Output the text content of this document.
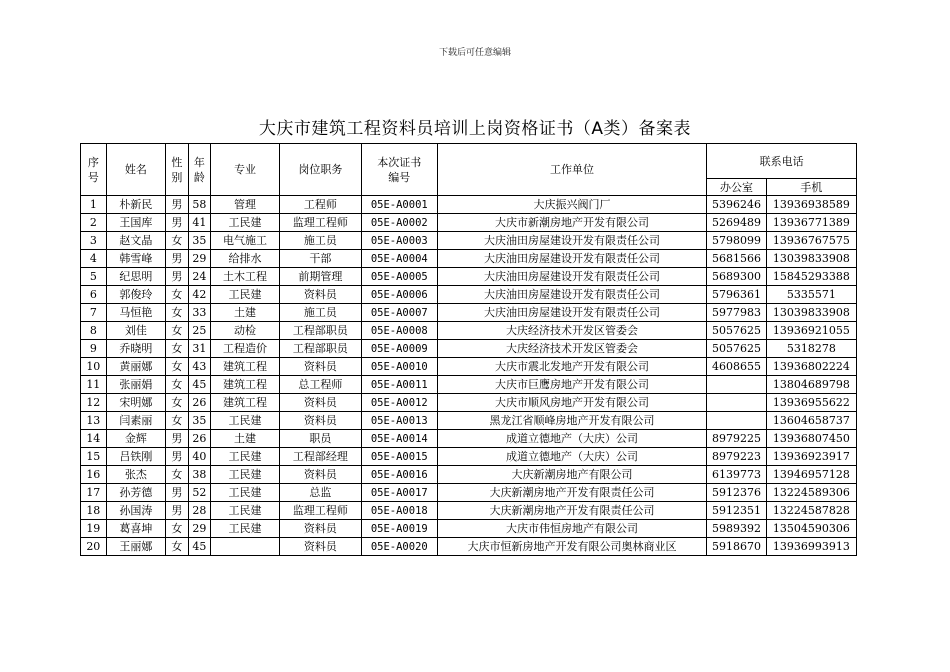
下载后可任意编辑
大庆市建筑工程资料员培训上岗资格证书（A类）备案表
序号	姓名	性别	年龄	专业	岗位职务	本次证书编号	工作单位	联系电话	
								办公室	手机
1	朴新民	男	58	管理	工程师	05E-A0001	大庆振兴阀门厂	5396246	13936938589
2	王国库	男	41	工民建	监理工程师	05E-A0002	大庆市新潮房地产开发有限公司	5269489	13936771389
3	赵文晶	女	35	电气施工	施工员	05E-A0003	大庆油田房屋建设开发有限责任公司	5798099	13936767575
4	韩雪峰	男	29	给排水	干部	05E-A0004	大庆油田房屋建设开发有限责任公司	5681566	13039833908
5	纪思明	男	24	土木工程	前期管理	05E-A0005	大庆油田房屋建设开发有限责任公司	5689300	15845293388
6	郭俊玲	女	42	工民建	资料员	05E-A0006	大庆油田房屋建设开发有限责任公司	5796361	5335571
7	马恒艳	女	33	土建	施工员	05E-A0007	大庆油田房屋建设开发有限责任公司	5977983	13039833908
8	刘佳	女	25	动检	工程部职员	05E-A0008	大庆经济技术开发区管委会	5057625	13936921055
9	乔晓明	女	31	工程造价	工程部职员	05E-A0009	大庆经济技术开发区管委会	5057625	5318278
10	黄丽娜	女	43	建筑工程	资料员	05E-A0010	大庆市震北发地产开发有限公司	4608655	13936802224
11	张丽娟	女	45	建筑工程	总工程师	05E-A0011	大庆市巨鹰房地产开发有限公司		13804689798
12	宋明娜	女	26	建筑工程	资料员	05E-A0012	大庆市顺风房地产开发有限公司		13936955622
13	闫素丽	女	35	工民建	资料员	05E-A0013	黑龙江省顺峰房地产开发有限公司		13604658737
14	金辉	男	26	土建	职员	05E-A0014	成道立德地产（大庆）公司	8979225	13936807450
15	吕铁刚	男	40	工民建	工程部经理	05E-A0015	成道立德地产（大庆）公司	8979223	13936923917
16	张杰	女	38	工民建	资料员	05E-A0016	大庆新潮房地产有限公司	6139773	13946957128
17	孙芳德	男	52	工民建	总监	05E-A0017	大庆新潮房地产开发有限责任公司	5912376	13224589306
18	孙国涛	男	28	工民建	监理工程师	05E-A0018	大庆新潮房地产开发有限责任公司	5912351	13224587828
19	葛喜坤	女	29	工民建	资料员	05E-A0019	大庆市伟恒房地产有限公司	5989392	13504590306
20	王丽娜	女	45		资料员	05E-A0020	大庆市恒新房地产开发有限公司奥林商业区	5918670	13936993913
